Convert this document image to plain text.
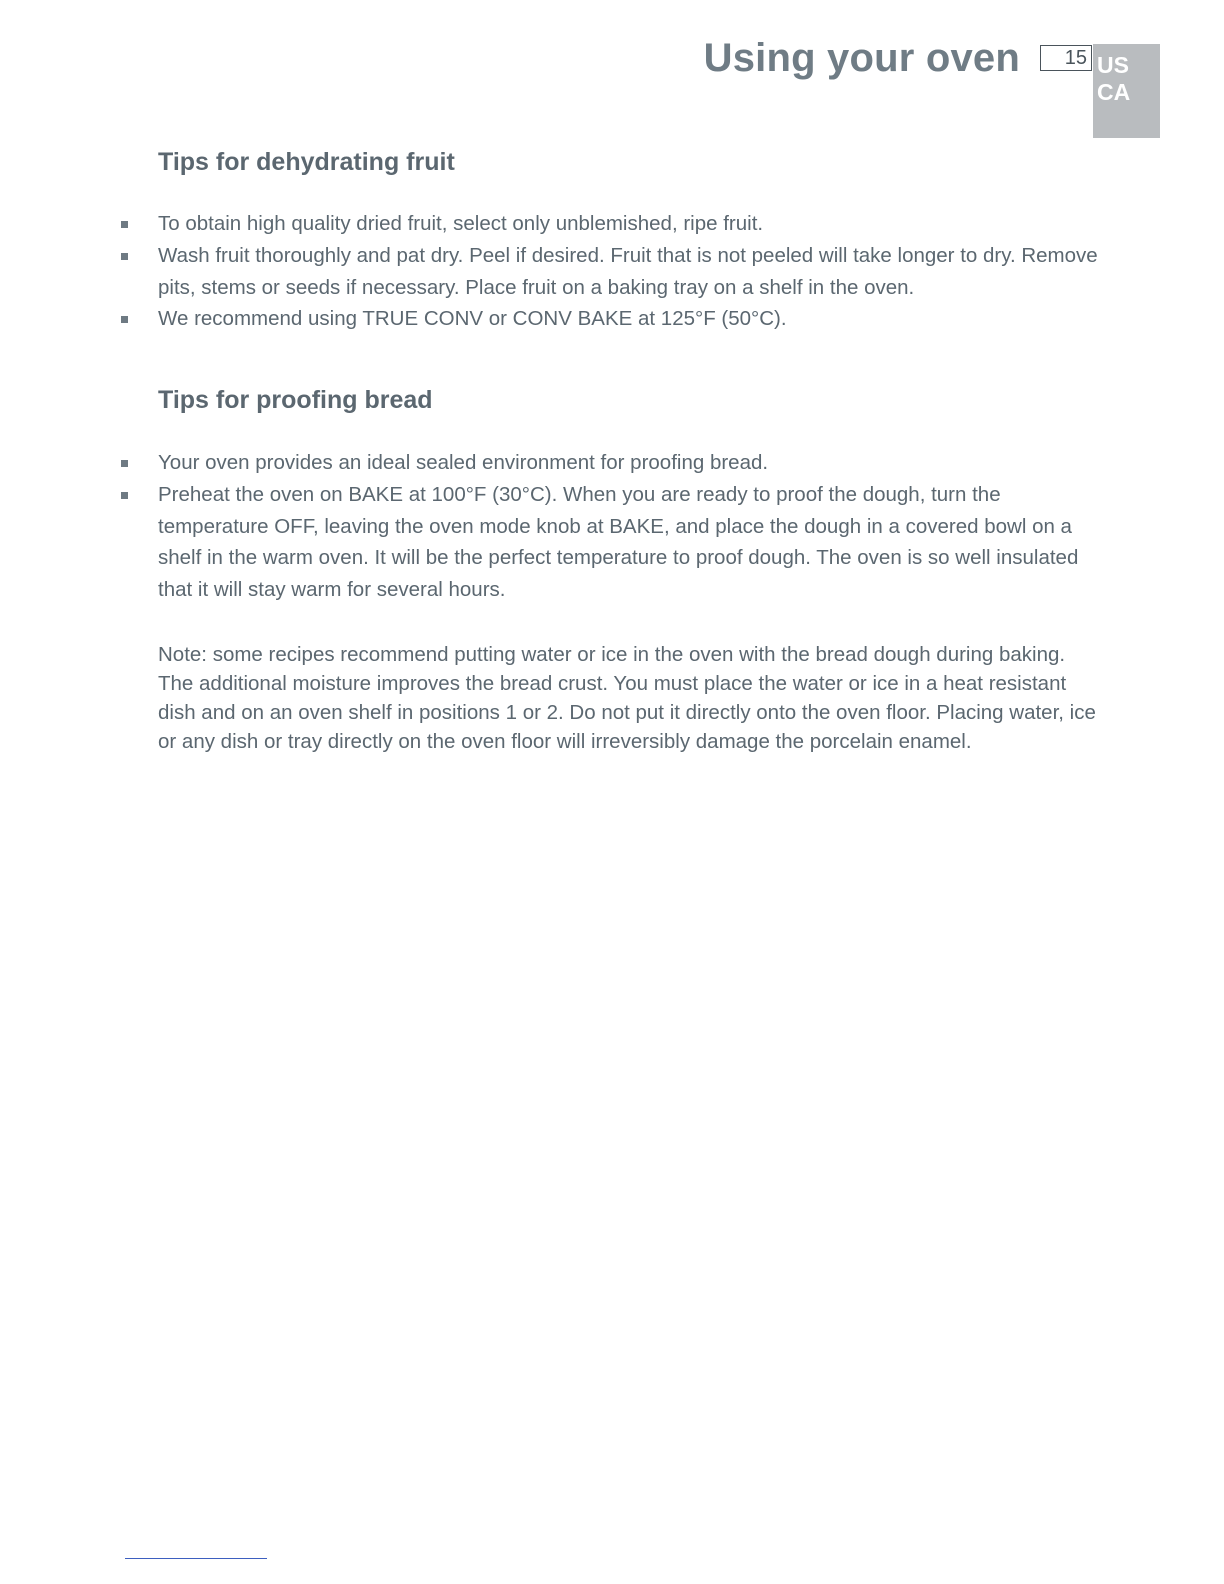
Using your oven	15 US
CA
Tips for dehydrating fruit
To obtain high quality dried fruit, select only unblemished, ripe fruit.
Wash fruit thoroughly and pat dry. Peel if desired. Fruit that is not peeled will take longer to dry. Remove pits, stems or seeds if necessary. Place fruit on a baking tray on a shelf in the oven.
We recommend using TRUE CONV or CONV BAKE at 125°F (50°C).
Tips for proofing bread
Your oven provides an ideal sealed environment for proofing bread.
Preheat the oven on BAKE at 100°F (30°C). When you are ready to proof the dough, turn the temperature OFF, leaving the oven mode knob at BAKE, and place the dough in a covered bowl on a shelf in the warm oven. It will be the perfect temperature to proof dough. The oven is so well insulated that it will stay warm for several hours.

Note: some recipes recommend putting water or ice in the oven with the bread dough during baking. The additional moisture improves the bread crust. You must place the water or ice in a heat resistant dish and on an oven shelf in positions 1 or 2. Do not put it directly onto the oven floor. Placing water, ice or any dish or tray directly on the oven floor will irreversibly damage the porcelain enamel.
